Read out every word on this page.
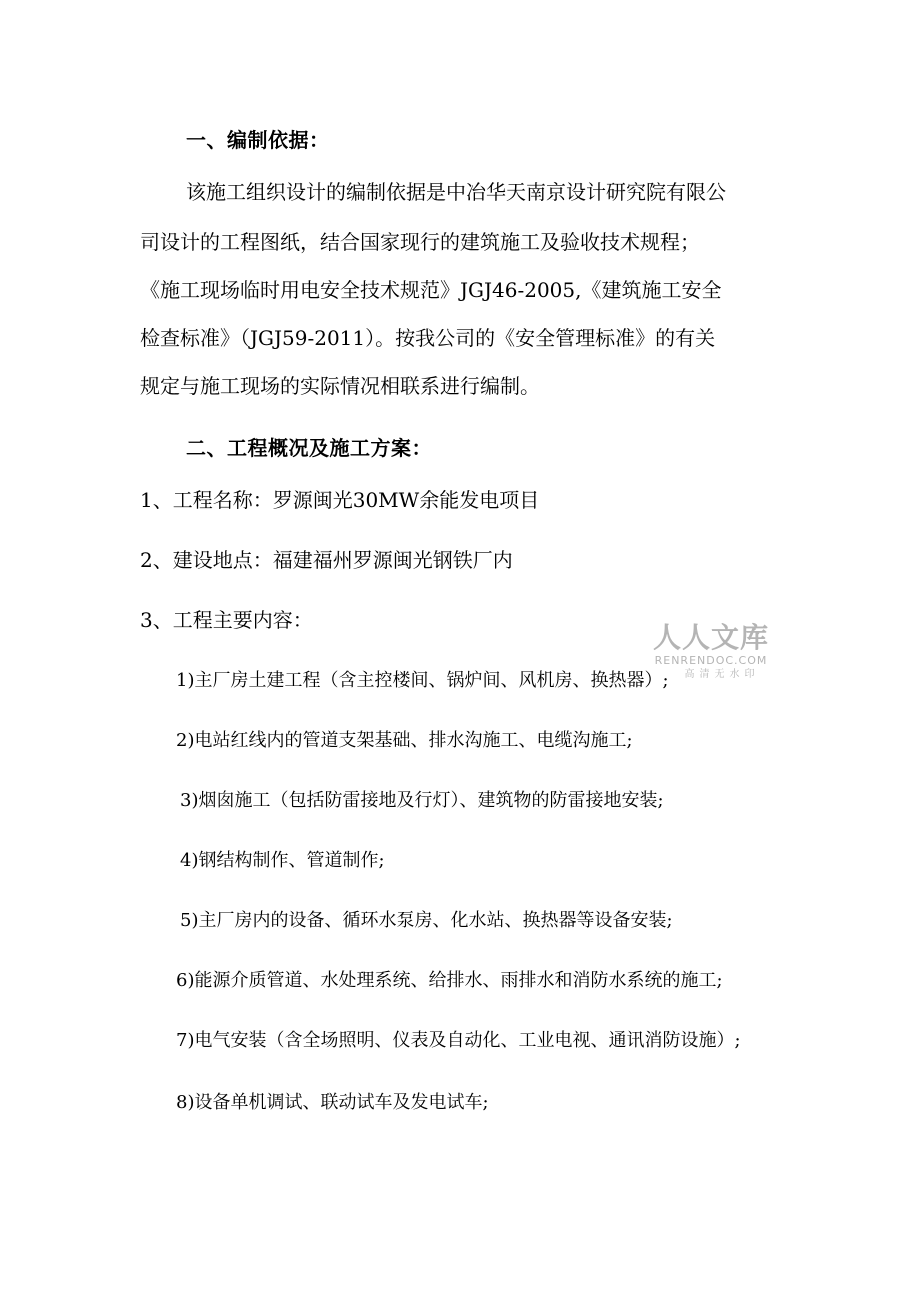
一、编制依据：
该施工组织设计的编制依据是中冶华天南京设计研究院有限公
司设计的工程图纸，结合国家现行的建筑施工及验收技术规程；
《施工现场临时用电安全技术规范》JGJ46-2005,《建筑施工安全
检查标准》（JGJ59-2011）。按我公司的《安全管理标准》的有关
规定与施工现场的实际情况相联系进行编制。
二、工程概况及施工方案：
1、工程名称：罗源闽光30MW余能发电项目
2、建设地点：福建福州罗源闽光钢铁厂内
3、工程主要内容：
1)主厂房土建工程（含主控楼间、锅炉间、风机房、换热器）;
2)电站红线内的管道支架基础、排水沟施工、电缆沟施工;
3)烟囱施工（包括防雷接地及行灯）、建筑物的防雷接地安装;
4)钢结构制作、管道制作;
5)主厂房内的设备、循环水泵房、化水站、换热器等设备安装;
6)能源介质管道、水处理系统、给排水、雨排水和消防水系统的施工;
7)电气安装（含全场照明、仪表及自动化、工业电视、通讯消防设施）;
8)设备单机调试、联动试车及发电试车;
人人文库
RENRENDOC.COM
高清无水印
